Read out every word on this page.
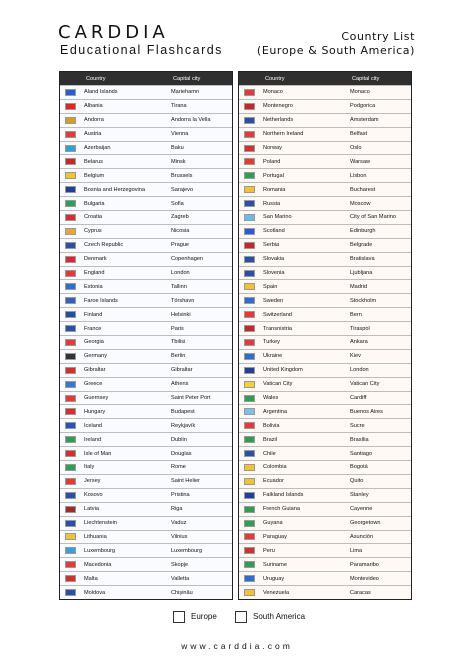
CARDDIA
Educational Flashcards
Country List
(Europe & South America)
Country	Capital city
Åland Islands	Mariehamn
Albania	Tirana
Andorra	Andorra la Vella
Austria	Vienna
Azerbaijan	Baku
Belarus	Minsk
Belgium	Brussels
Bosnia and Herzegovina	Sarajevo
Bulgaria	Sofia
Croatia	Zagreb
Cyprus	Nicosia
Czech Republic	Prague
Denmark	Copenhagen
England	London
Estonia	Tallinn
Faroe Islands	Tórshavn
Finland	Helsinki
France	Paris
Georgia	Tbilisi
Germany	Berlin
Gibraltar	Gibraltar
Greece	Athens
Guernsey	Saint Peter Port
Hungary	Budapest
Iceland	Reykjavík
Ireland	Dublin
Isle of Man	Douglas
Italy	Rome
Jersey	Saint Helier
Kosovo	Pristina
Latvia	Riga
Liechtenstein	Vaduz
Lithuania	Vilnius
Luxembourg	Luxembourg
Macedonia	Skopje
Malta	Valletta
Moldova	Chișinău
Country	Capital city
Monaco	Monaco
Montenegro	Podgorica
Netherlands	Amsterdam
Northern Ireland	Belfast
Norway	Oslo
Poland	Warsaw
Portugal	Lisbon
Romania	Bucharest
Russia	Moscow
San Marino	City of San Marino
Scotland	Edinburgh
Serbia	Belgrade
Slovakia	Bratislava
Slovenia	Ljubljana
Spain	Madrid
Sweden	Stockholm
Switzerland	Bern
Transnistria	Tiraspol
Turkey	Ankara
Ukraine	Kiev
United Kingdom	London
Vatican City	Vatican City
Wales	Cardiff
Argentina	Buenos Aires
Bolivia	Sucre
Brazil	Brasília
Chile	Santiago
Colombia	Bogotá
Ecuador	Quito
Falkland Islands	Stanley
French Guiana	Cayenne
Guyana	Georgetown
Paraguay	Asunción
Peru	Lima
Suriname	Paramaribo
Uruguay	Montevideo
Venezuela	Caracas
Europe	South America
www.carddia.com
